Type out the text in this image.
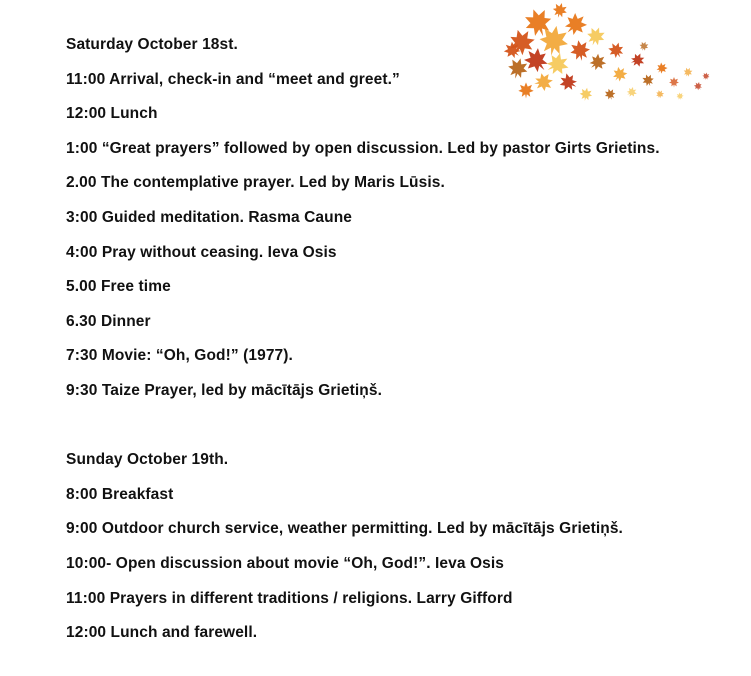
Saturday October 18st.
11:00 Arrival, check-in and “meet and greet.”
12:00 Lunch
1:00 “Great prayers” followed by open discussion. Led by pastor Girts Grietins.
2.00 The contemplative prayer. Led by Maris Lūsis.
3:00 Guided meditation. Rasma Caune
4:00 Pray without ceasing. Ieva Osis
5.00 Free time
6.30 Dinner
7:30 Movie: “Oh, God!” (1977).
9:30 Taize Prayer, led by mācītājs Grietiņš.
Sunday October 19th.
8:00 Breakfast
9:00 Outdoor church service, weather permitting. Led by mācītājs Grietiņš.
10:00- Open discussion about movie “Oh, God!”. Ieva Osis
11:00 Prayers in different traditions / religions. Larry Gifford
12:00 Lunch and farewell.
